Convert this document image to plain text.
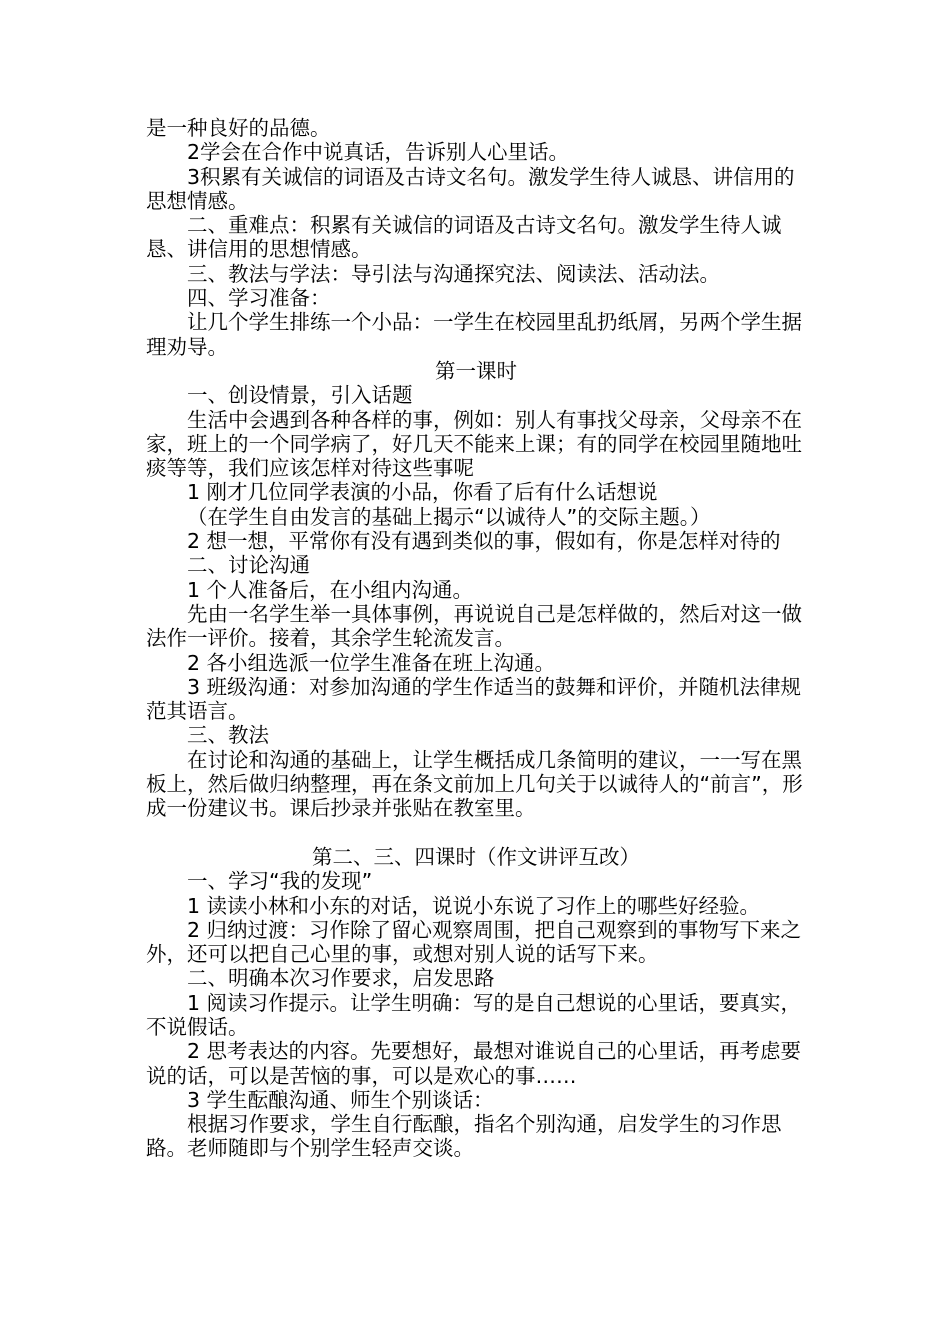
是一种良好的品德。

2学会在合作中说真话，告诉别人心里话。

3积累有关诚信的词语及古诗文名句。激发学生待人诚恳、讲信用的思想情感。

二、重难点：积累有关诚信的词语及古诗文名句。激发学生待人诚恳、讲信用的思想情感。

三、教法与学法：导引法与沟通探究法、阅读法、活动法。

四、学习准备：

让几个学生排练一个小品：一学生在校园里乱扔纸屑，另两个学生据理劝导。

第一课时

一、创设情景，引入话题

生活中会遇到各种各样的事，例如：别人有事找父母亲，父母亲不在家，班上的一个同学病了，好几天不能来上课；有的同学在校园里随地吐痰等等，我们应该怎样对待这些事呢

1 刚才几位同学表演的小品，你看了后有什么话想说

（在学生自由发言的基础上揭示“以诚待人”的交际主题。）

2 想一想，平常你有没有遇到类似的事，假如有，你是怎样对待的

二、讨论沟通

1 个人准备后，在小组内沟通。

先由一名学生举一具体事例，再说说自己是怎样做的，然后对这一做法作一评价。接着，其余学生轮流发言。

2 各小组选派一位学生准备在班上沟通。

3 班级沟通：对参加沟通的学生作适当的鼓舞和评价，并随机法律规范其语言。

三、教法

在讨论和沟通的基础上，让学生概括成几条简明的建议，一一写在黑板上，然后做归纳整理，再在条文前加上几句关于以诚待人的“前言”，形成一份建议书。课后抄录并张贴在教室里。

第二、三、四课时（作文讲评互改）

一、学习“我的发现”

1 读读小林和小东的对话，说说小东说了习作上的哪些好经验。

2 归纳过渡：习作除了留心观察周围，把自己观察到的事物写下来之外，还可以把自己心里的事，或想对别人说的话写下来。

二、明确本次习作要求，启发思路

1 阅读习作提示。让学生明确：写的是自己想说的心里话，要真实，不说假话。

2 思考表达的内容。先要想好，最想对谁说自己的心里话，再考虑要说的话，可以是苦恼的事，可以是欢心的事……

3 学生酝酿沟通、师生个别谈话：

根据习作要求，学生自行酝酿，指名个别沟通，启发学生的习作思路。老师随即与个别学生轻声交谈。
